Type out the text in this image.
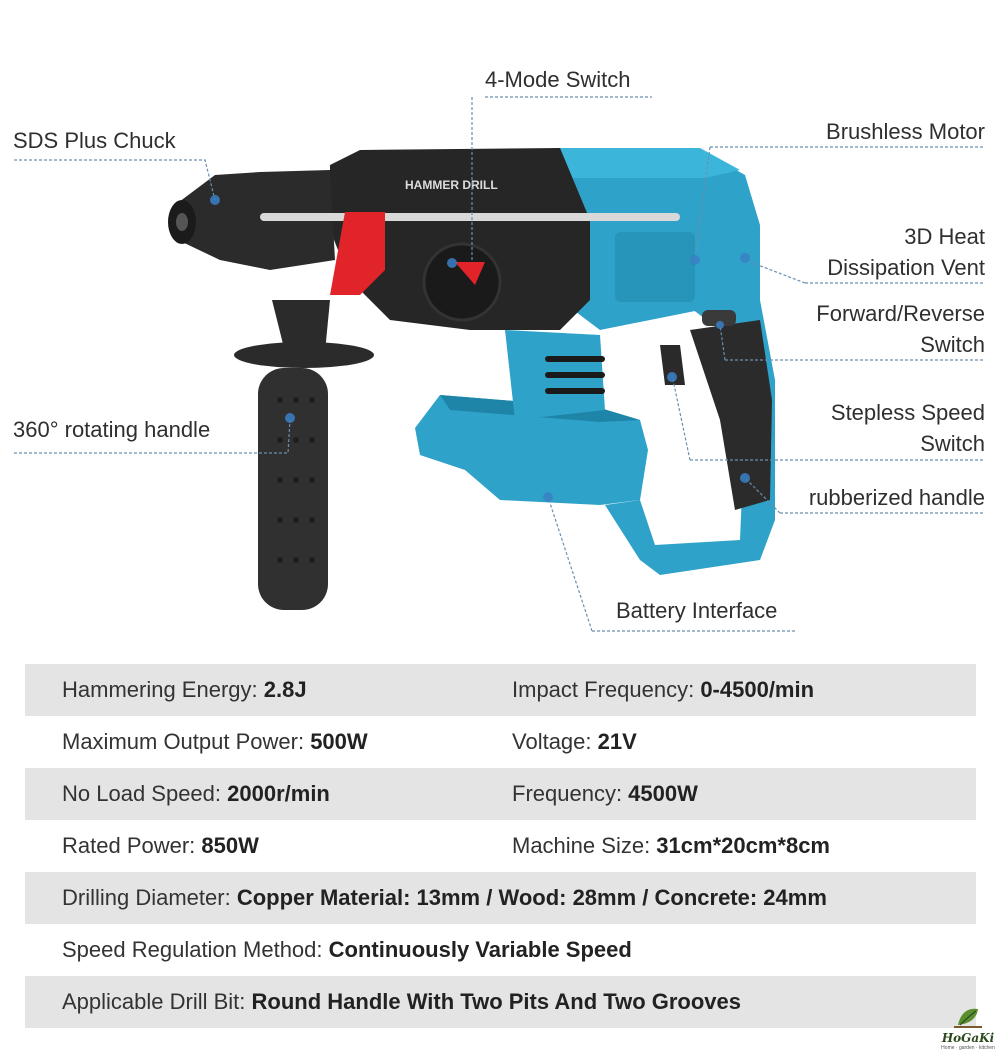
HAMMER DRILL
4-Mode Switch
SDS Plus Chuck	Brushless Motor
3D Heat
Dissipation Vent
Forward/Reverse
Switch
360° rotating handle
Stepless Speed
Switch
rubberized handle
Battery Interface
Hammering Energy: 2.8J	Impact Frequency: 0-4500/min
Maximum Output Power: 500W	Voltage: 21V
No Load Speed: 2000r/min	Frequency: 4500W
Rated Power: 850W	Machine Size: 31cm*20cm*8cm
Drilling Diameter: Copper Material: 13mm / Wood: 28mm / Concrete: 24mm
Speed Regulation Method: Continuously Variable Speed
Applicable Drill Bit: Round Handle With Two Pits And Two Grooves
HoGaKi
Home · garden · kitchen
